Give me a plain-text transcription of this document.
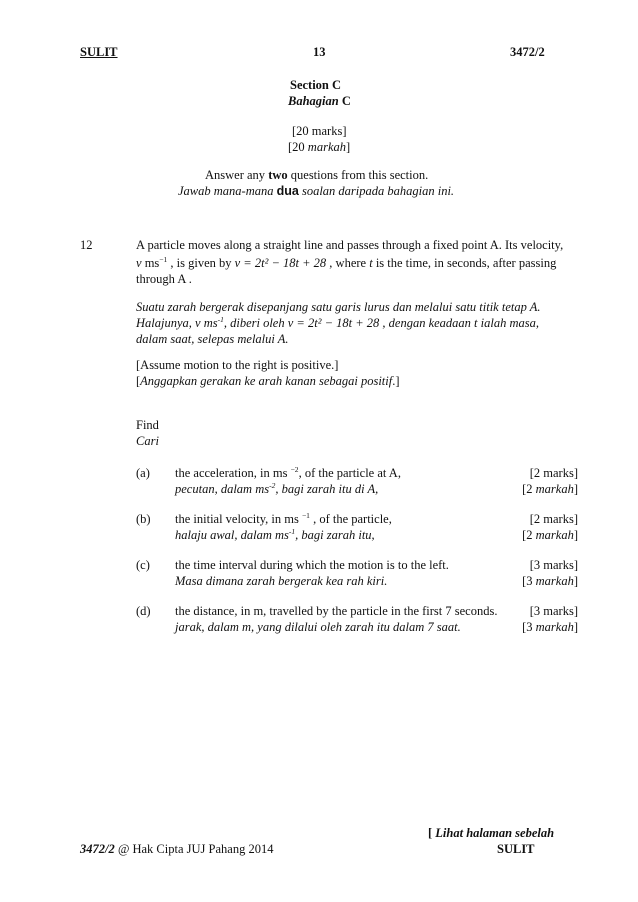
SULIT	13	3472/2
Section C
Bahagian C
[20 marks]
[20 markah]
Answer any two questions from this section.
Jawab mana-mana dua soalan daripada bahagian ini.
12	A particle moves along a straight line and passes through a fixed point A. Its velocity,
v $ms^{-1}$ , is given by v = 2t² − 18t + 28 , where t is the time, in seconds, after passing
through A .
Suatu zarah bergerak disepanjang satu garis lurus dan melalui satu titik tetap A.
Halajunya, v $ms^{-1}$, diberi oleh v = 2t² − 18t + 28 , dengan keadaan t ialah masa,
dalam saat, selepas melalui A.
[Assume motion to the right is positive.]
[Anggapkan gerakan ke arah kanan sebagai positif.]
Find
Cari
(a) the acceleration, in ms $^{-2}$, of the particle at A,
pecutan, dalam $ms^{-2}$, bagi zarah itu di A,
[2 marks]
[2 markah]
(b) the initial velocity, in ms $^{-1}$ , of the particle,
halaju awal, dalam $ms^{-1}$, bagi zarah itu,
[2 marks]
[2 markah]
(c) the time interval during which the motion is to the left.
Masa dimana zarah bergerak kea rah kiri.
[3 marks]
[3 markah]
(d) the distance, in m, travelled by the particle in the first 7 seconds.
jarak, dalam m, yang dilalui oleh zarah itu dalam 7 saat.
[3 marks]
[3 markah]
[ Lihat halaman sebelah
3472/2 @ Hak Cipta JUJ Pahang 2014	SULIT
